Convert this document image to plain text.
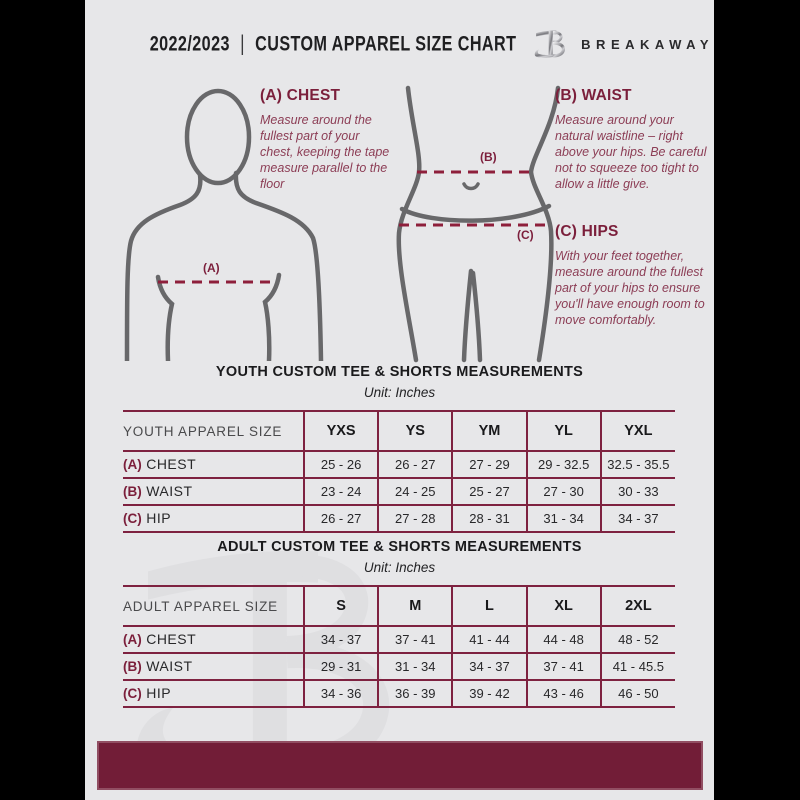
2022/2023 | CUSTOM APPAREL SIZE CHART	BREAKAWAY
(A)
(B)
(C)
(A) CHEST

Measure around the fullest part of your chest, keeping the tape measure parallel to the floor

(B) WAIST

Measure around your natural waistline – right above your hips. Be careful not to squeeze too tight to allow a little give.

(C) HIPS

With your feet together, measure around the fullest part of your hips to ensure you'll have enough room to move comfortably.

YOUTH CUSTOM TEE & SHORTS MEASUREMENTS
Unit: Inches
YOUTH APPAREL SIZE	YXS	YS	YM	YL	YXL
(A) CHEST	25 - 26	26 - 27	27 - 29	29 - 32.5	32.5 - 35.5
(B) WAIST	23 - 24	24 - 25	25 - 27	27 - 30	30 - 33
(C) HIP	26 - 27	27 - 28	28 - 31	31 - 34	34 - 37
ADULT CUSTOM TEE & SHORTS MEASUREMENTS
Unit: Inches
ADULT APPAREL SIZE	S	M	L	XL	2XL
(A) CHEST	34 - 37	37 - 41	41 - 44	44 - 48	48 - 52
(B) WAIST	29 - 31	31 - 34	34 - 37	37 - 41	41 - 45.5
(C) HIP	34 - 36	36 - 39	39 - 42	43 - 46	46 - 50
